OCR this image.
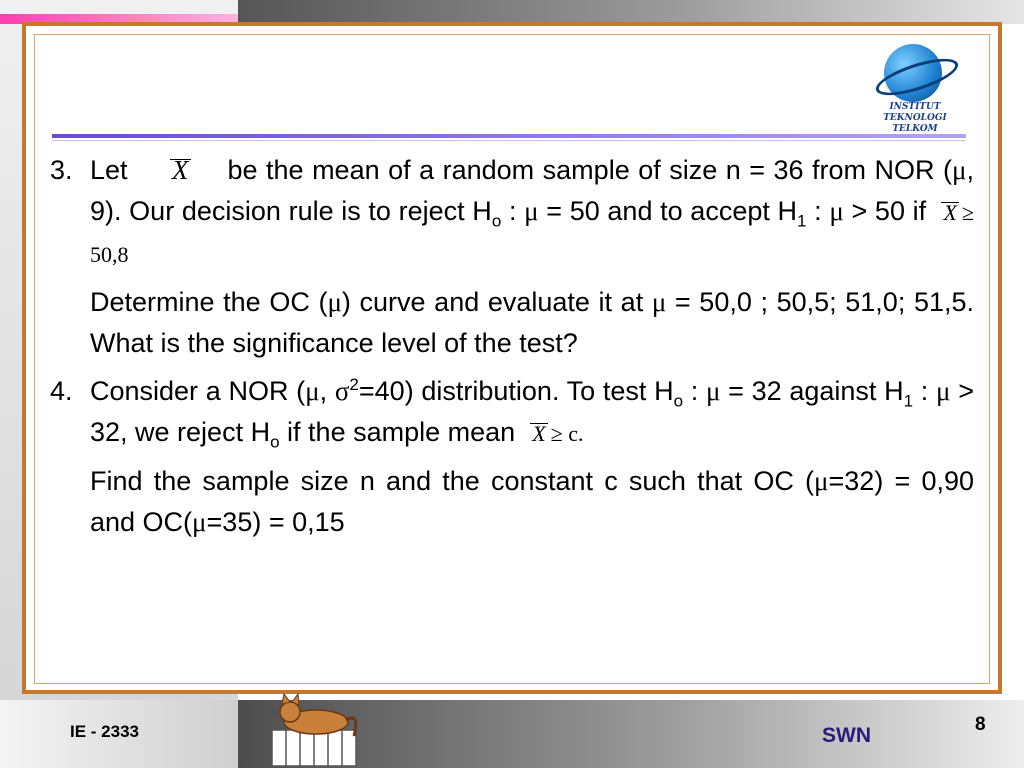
INSTITUT TEKNOLOGI
TELKOM
3. Let X be the mean of a random sample of size n = 36 from NOR (μ, 9). Our decision rule is to reject $H_o$ : μ = 50 and to accept $H_1$ : μ > 50 if X ≥ 50,8

Determine the OC (μ) curve and evaluate it at μ = 50,0 ; 50,5; 51,0; 51,5. What is the significance level of the test?

4. Consider a NOR (μ, $\sigma^2=40$) distribution. To test $H_o$ : μ = 32 against $H_1$ : μ > 32, we reject $H_o$ if the sample mean X ≥ c.

Find the sample size n and the constant c such that OC (μ=32) = 0,90 and OC(μ=35) = 0,15

IE - 2333	SWN	8
